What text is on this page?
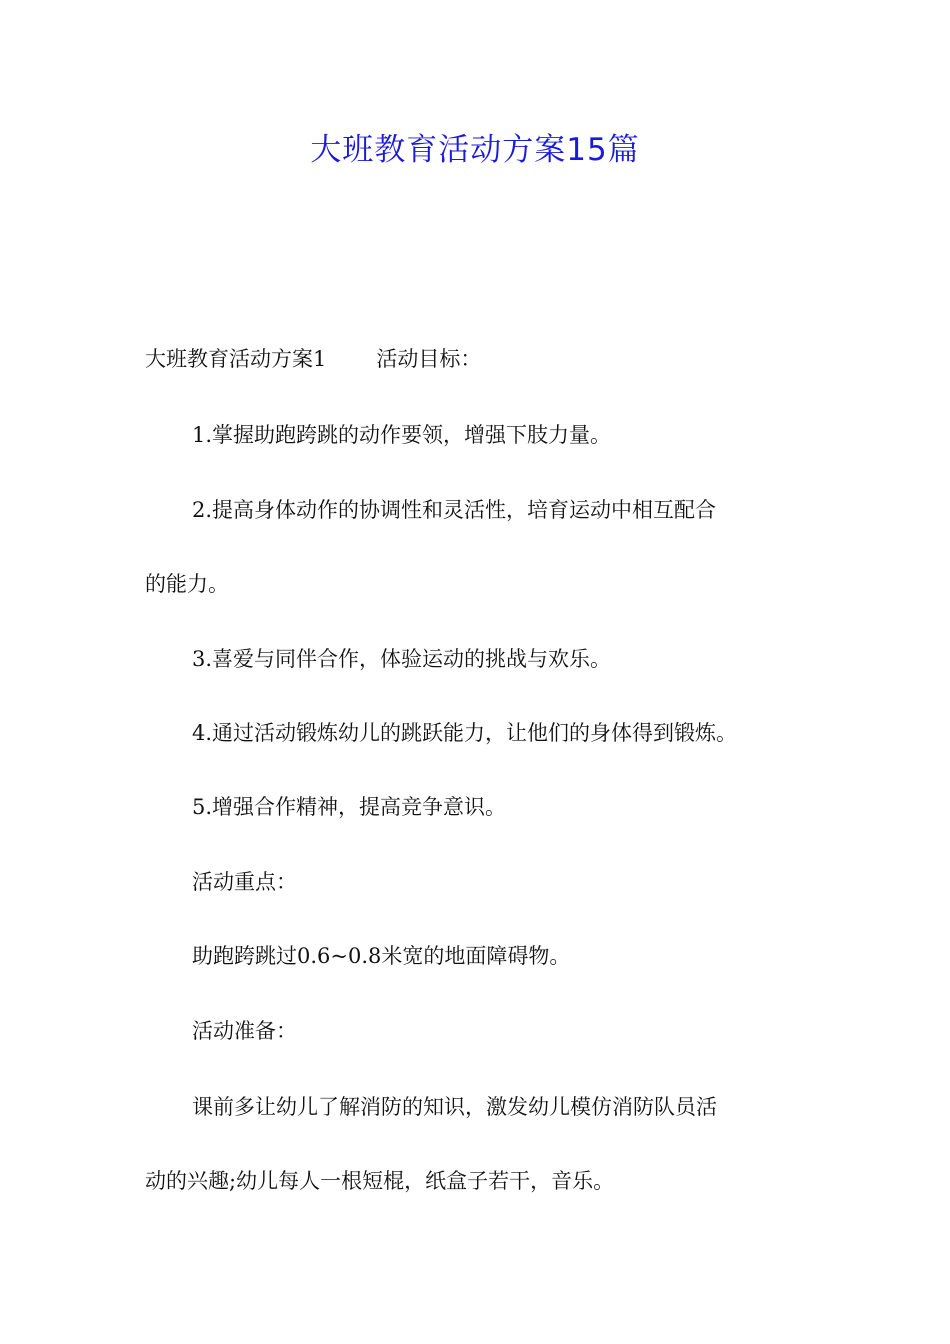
大班教育活动方案15篇
大班教育活动方案1 活动目标：
1.掌握助跑跨跳的动作要领，增强下肢力量。
2.提高身体动作的协调性和灵活性，培育运动中相互配合
的能力。
3.喜爱与同伴合作，体验运动的挑战与欢乐。
4.通过活动锻炼幼儿的跳跃能力，让他们的身体得到锻炼。
5.增强合作精神，提高竞争意识。
活动重点：
助跑跨跳过0.6~0.8米宽的地面障碍物。
活动准备：
课前多让幼儿了解消防的知识，激发幼儿模仿消防队员活
动的兴趣;幼儿每人一根短棍，纸盒子若干，音乐。
